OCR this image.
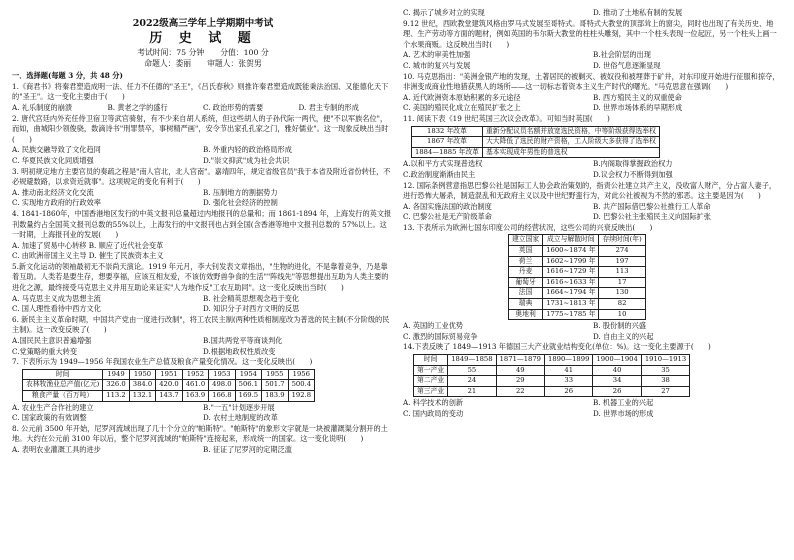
2022级高三学年上学期期中考试
历 史 试 题
考试时间：75 分钟 分值：100 分
命题人：娄丽 审题人：张贺男
一．选择题(每题 3 分，共 48 分)

1.《商君书》将秦君塑造成明一法、任力不任德的"圣王"，《吕氏春秋》则推许秦君塑造成既能秉法治国、又能德化天下的"圣王"。这一变化主要由于(　　)

A. 礼乐制度的崩溃	B. 黄老之学的盛行	C. 政治形势的需要	D. 君主专制的形成

2. 唐代宫廷内外充任侍卫宿卫等武官骑射，有不少来自胡人系统，但这些胡人的子孙代际一两代，便"不以军族名位"，而如，曲城阳少领俊骁，数滴诗书"刑罪禁卒，事树精严画"，安令节出家孔孔家之门，雅好儒业"。这一现象反映出当时(　　)

A. 民族交融导致了文化趋同	B. 外重内轻的政治格局形成
C. 华夏民族文化同质增强	D."崇文抑武"成为社会共识

3. 明初规定地方主要官员的奏疏之程是"南人官北，北人官南"。嘉靖四年，规定省级官员"我于本省及附近省份转任，不必规避数路，以求资近就事"。这项规定的变化有利于(　　)

A. 推动南北经济文化交流	B. 压制地方的割据势力
C. 实现地方政府的行政效率	D. 强化社会经济的控制

4. 1841-1860年，中国香港地区发行的中英文报刊总量超过内地报刊的总量和；而 1861-1894 年，上海发行的英文报刊数量约占全国英文报刊总数的55%以上，上海发行的中文报刊也占到全国(含香港等地中文报刊总数的 57%以上。这一时期，上海报刊业的发展(　　)

A. 加速了贸易中心转移 B. 顺应了近代社会变革
C. 由欧洲帝国主义主导 D. 催生了民族资本主义

5.新文化运动的领袖最初无不崇尚天演论。1919 年元月，李大钊发表文章指出，"生物的进化，不是靠着竞争，乃是靠着互助。人类若是要生存，想要享福，应该互相友爱，不该仿效野兽争食的生活""阵线先"等思想提出互助为人类主要的进化之源，最终接受马克思主义并用互助论来证实"人为地作反"工农互助同"。这一变化反映出当时(　　)

A. 马克思主义成为思想主流	B. 社会精英思想观念趋于变化
C. 国人理性看待中西方文化	D. 知识分子对西方文明的反思

6. 新民主主义革命时期，中国共产党由一度进行改制"，将工农民主制(两种性质相制度改为普选的民主制(不分阶级的民主制)。这一改变反映了(　　)

A.国民民主意识普遍增强	B.国共两党平等商谈判化
C.党策略的重大转变	D.根据地政权性质改变

7. 下表所示为 1949—1956 年我国农业生产总值及粮食产量变化情况。这一变化反映出(　　)

时间	1949	1950	1951	1952	1953	1954	1955	1956
农林牧渔业总产值(亿元)	326.0	384.0	420.0	461.0	498.0	506.1	501.7	500.4
粮食产量（百万吨）	113.2	132.1	143.7	163.9	166.8	169.5	183.9	192.8
A. 农业生产合作社的建立	B."一五"计划逐步开展
C. 国家政策的有效调整	D. 农村土地制度的改革

8. 公元前 3500 年开始，尼罗河流域出现了几十个分立的"帕斯特"。"帕斯特"的象形文字就是一块被灌溉渠分割开的土地。大约在公元前 3100 年以后，整个尼罗河流域的"帕斯特"连接起来，形成统一的国家。这一变化说明(　　)

A. 表明农业灌溉工具的进步	B. 征证了尼罗河的定期泛滥
C. 揭示了城乡对立的实现	D. 推动了土地私有制的发展

9.12 世纪，西欧教堂建筑风格由罗马式发展至哥特式。哥特式大教堂的顶部耸上的窗尖，同时也出现了有关历史、地理、生产劳动等方面的题材，例如英国的韦尔斯大教堂的柱柱头雕刻，其中一个柱头表现一位起匠，另一个柱头上画一个水果商贩。这反映出当时(　　)

A. 艺术的审美性加强	B.社会阶层的出现
C. 城市的复兴与发展	D. 世俗气息逐渐显现

10. 马克思指出："美洲金银产地的发现，土著居民的被剿灭、被奴役和被埋葬于矿井，对东印度开始进行征服和掠夺，非洲变成商业性地猎获黑人的场所——这一切标志着资本主义生产时代的曙光。"马克思意在强调(　　)

A. 近代欧洲资本原始积累的多元途径	B. 西方殖民主义的双重使命
C. 美国的殖民化成立在殖民扩张之上	D. 世界市场体系的早期形成

11. 阅读下表《19 世纪英国三次议会改革》。可知当时英国(　　)

1832 年改革	重新分配议员名额并放宽选民资格，中等阶级获得选举权
1867 年改革	大大降低了选民的财产资格，工人阶级大多获得了选举权
1884—1885 年改革	基本实现成年男性的普选权
A.以和平方式实现普选权	B.内阁取得掌握政治权力
C.政治制度渐渐由民主	D.议会权力不断得到加强

12. 国际条例营意指思巴黎公社是国际工人协会政治策划的，指责公社建立共产主义，没收富人财产，分占富人妻子，进行恐怖大屠杀，制造混乱和无政府主义以及中世纪野蛮行为，对此公社被视为不然的邪恶。这主要是因为(　　)

A. 各国实施法国的政治制度	B. 共产国际借巴黎公社推行工人革命
C. 巴黎公社是无产阶级革命	D. 巴黎公社主张殖民主义向国际扩张

13. 下表所示为欧洲七国东印度公司的经营状况，这些公司的兴衰反映出(　　)

建立国家	成立与解散时间	存续时间(年)
英国	1600~1874 年	274
荷兰	1602~1799 年	197
丹麦	1616~1729 年	113
葡萄牙	1616~1633 年	17
法国	1664~1794 年	130
瑞典	1731~1813 年	82
奥地利	1775~1785 年	10
A. 英国的工业优势	B. 股份制的兴盛
C. 激烈的国际贸易竞争	D. 自由主义的兴起

14.下表反映了 1849—1913 年德国三大产业就业结构变化(单位：%)。这一变化主要源于(　　)

时间	1849—1858	1871—1879	1890—1899	1900—1904	1910—1913
第一产业	55	49	41	40	35
第二产业	24	29	33	34	38
第三产业	21	22	26	26	27
A. 科学技术的创新	B. 机器工业的兴起
C. 国内政局的变动	D. 世界市场的形成
